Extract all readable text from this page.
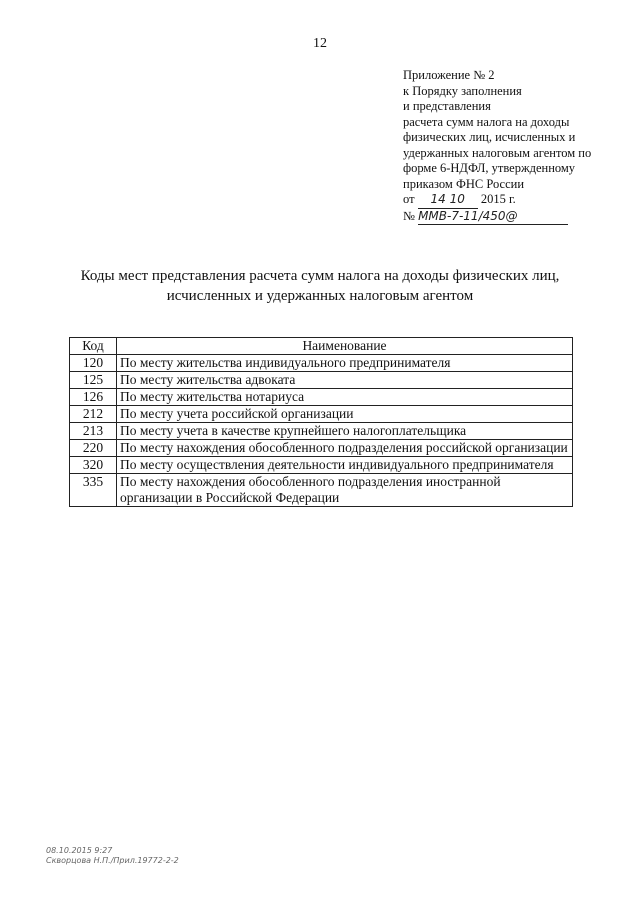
12
Приложение № 2
к Порядку заполнения
и представления
расчета сумм налога на доходы
физических лиц, исчисленных и
удержанных налоговым агентом по
форме 6-НДФЛ, утвержденному
приказом ФНС России
от 14 10 2015 г.
№ ММВ-7-11/450@
Коды мест представления расчета сумм налога на доходы физических лиц,
исчисленных и удержанных налоговым агентом
Код	Наименование
120	По месту жительства индивидуального предпринимателя
125	По месту жительства адвоката
126	По месту жительства нотариуса
212	По месту учета российской организации
213	По месту учета в качестве крупнейшего налогоплательщика
220	По месту нахождения обособленного подразделения российской организации
320	По месту осуществления деятельности индивидуального предпринимателя
335	По месту нахождения обособленного подразделения иностранной организации в Российской Федерации
08.10.2015 9:27
Скворцова Н.П./Прил.19772-2-2
